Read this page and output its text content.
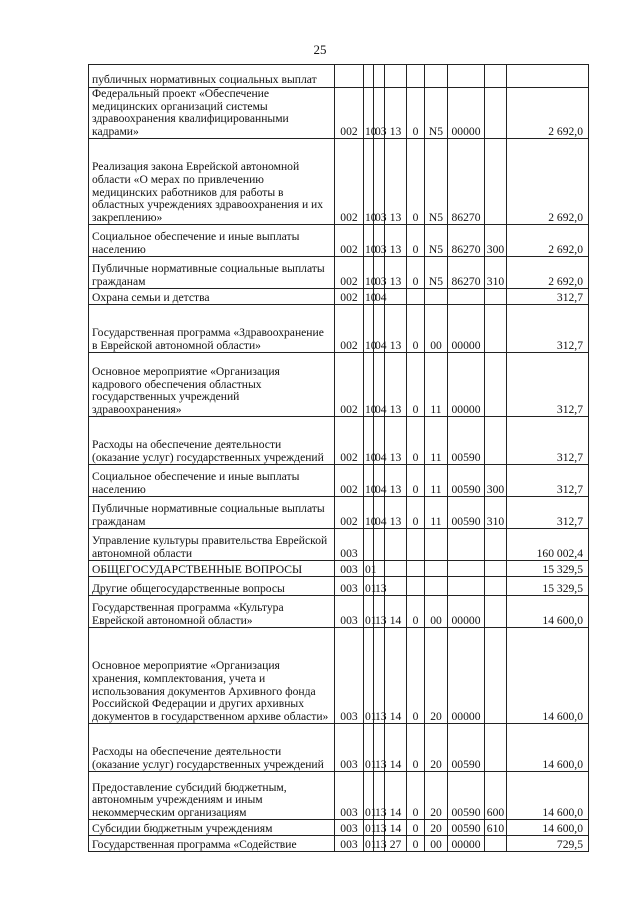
25
публичных нормативных социальных выплат									
Федеральный проект «Обеспечение медицинских организаций системы здравоохранения квалифицированными кадрами»	002	10	03	13	0	N5	00000		2 692,0
Реализация закона Еврейской автономной области «О мерах по привлечению медицинских работников для работы в областных учреждениях здравоохранения и их закреплению»	002	10	03	13	0	N5	86270		2 692,0
Социальное обеспечение и иные выплаты населению	002	10	03	13	0	N5	86270	300	2 692,0
Публичные нормативные социальные выплаты гражданам	002	10	03	13	0	N5	86270	310	2 692,0
Охрана семьи и детства	002	10	04						312,7
Государственная программа «Здравоохранение в Еврейской автономной области»	002	10	04	13	0	00	00000		312,7
Основное мероприятие «Организация кадрового обеспечения областных государственных учреждений здравоохранения»	002	10	04	13	0	11	00000		312,7
Расходы на обеспечение деятельности (оказание услуг) государственных учреждений	002	10	04	13	0	11	00590		312,7
Социальное обеспечение и иные выплаты населению	002	10	04	13	0	11	00590	300	312,7
Публичные нормативные социальные выплаты гражданам	002	10	04	13	0	11	00590	310	312,7
Управление культуры правительства Еврейской автономной области	003								160 002,4
ОБЩЕГОСУДАРСТВЕННЫЕ ВОПРОСЫ	003	01							15 329,5
Другие общегосударственные вопросы	003	01	13						15 329,5
Государственная программа «Культура Еврейской автономной области»	003	01	13	14	0	00	00000		14 600,0
Основное мероприятие «Организация хранения, комплектования, учета и использования документов Архивного фонда Российской Федерации и других архивных документов в государственном архиве области»	003	01	13	14	0	20	00000		14 600,0
Расходы на обеспечение деятельности (оказание услуг) государственных учреждений	003	01	13	14	0	20	00590		14 600,0
Предоставление субсидий бюджетным, автономным учреждениям и иным некоммерческим организациям	003	01	13	14	0	20	00590	600	14 600,0
Субсидии бюджетным учреждениям	003	01	13	14	0	20	00590	610	14 600,0
Государственная программа «Содействие	003	01	13	27	0	00	00000		729,5
